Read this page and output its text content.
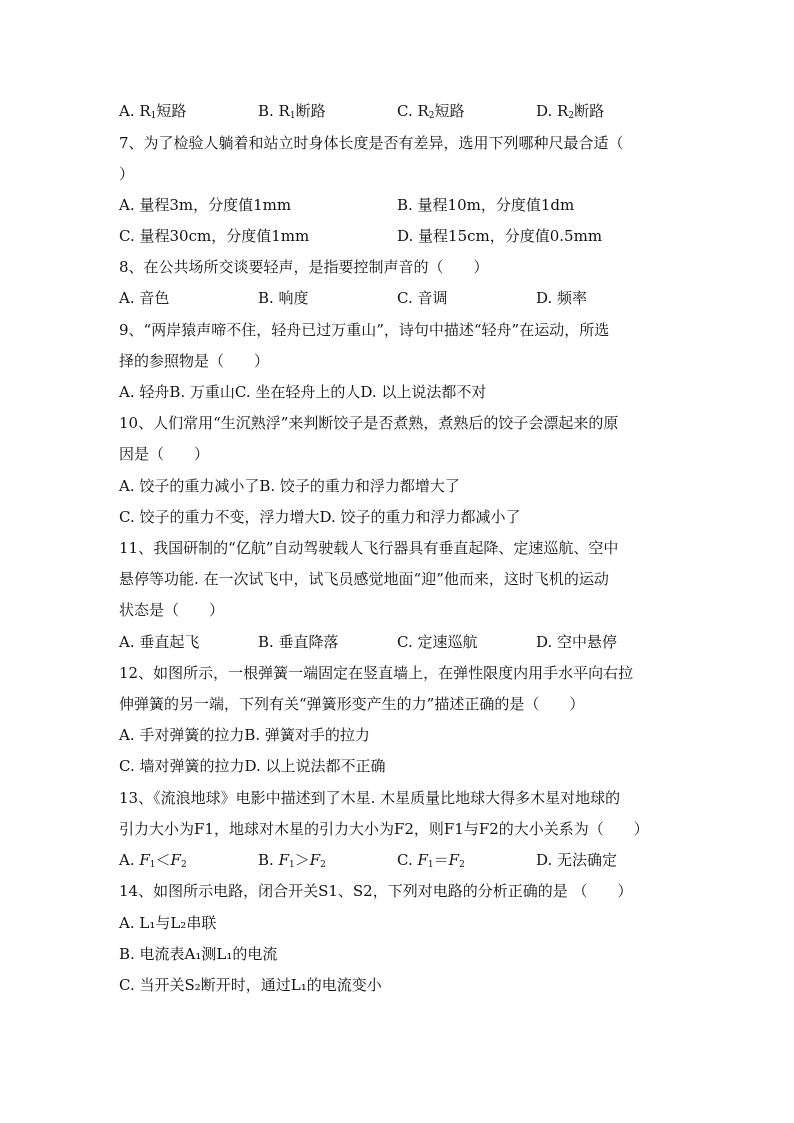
A. $R_1$短路	B. $R_1$断路	C. $R_2$短路	D. $R_2$断路
7、为了检验人躺着和站立时身体长度是否有差异，选用下列哪种尺最合适（
）
A. 量程3m，分度值1mm	B. 量程10m，分度值1dm
C. 量程30cm，分度值1mm	D. 量程15cm，分度值0.5mm
8、在公共场所交谈要轻声，是指要控制声音的（　　）
A. 音色	B. 响度	C. 音调	D. 频率
9、“两岸猿声啼不住，轻舟已过万重山”，诗句中描述“轻舟”在运动，所选
择的参照物是（　　）
A. 轻舟B. 万重山C. 坐在轻舟上的人D. 以上说法都不对
10、人们常用“生沉熟浮”来判断饺子是否煮熟，煮熟后的饺子会漂起来的原
因是（　　）
A. 饺子的重力减小了B. 饺子的重力和浮力都增大了
C. 饺子的重力不变，浮力增大D. 饺子的重力和浮力都减小了
11、我国研制的“亿航”自动驾驶载人飞行器具有垂直起降、定速巡航、空中
悬停等功能. 在一次试飞中，试飞员感觉地面“迎”他而来，这时飞机的运动
状态是（　　）
A. 垂直起飞	B. 垂直降落	C. 定速巡航	D. 空中悬停
12、如图所示，一根弹簧一端固定在竖直墙上，在弹性限度内用手水平向右拉
伸弹簧的另一端，下列有关“弹簧形变产生的力”描述正确的是（　　）
A. 手对弹簧的拉力B. 弹簧对手的拉力
C. 墙对弹簧的拉力D. 以上说法都不正确
13、《流浪地球》电影中描述到了木星. 木星质量比地球大得多木星对地球的
引力大小为F1，地球对木星的引力大小为F2，则F1与F2的大小关系为（　　）
A. $F_1<F_2$	B. $F_1>F_2$	C. $F_1=F_2$	D. 无法确定
14、如图所示电路，闭合开关S1、S2，下列对电路的分析正确的是 （　　）
A. L₁与L₂串联
B. 电流表A₁测L₁的电流
C. 当开关S₂断开时，通过L₁的电流变小
